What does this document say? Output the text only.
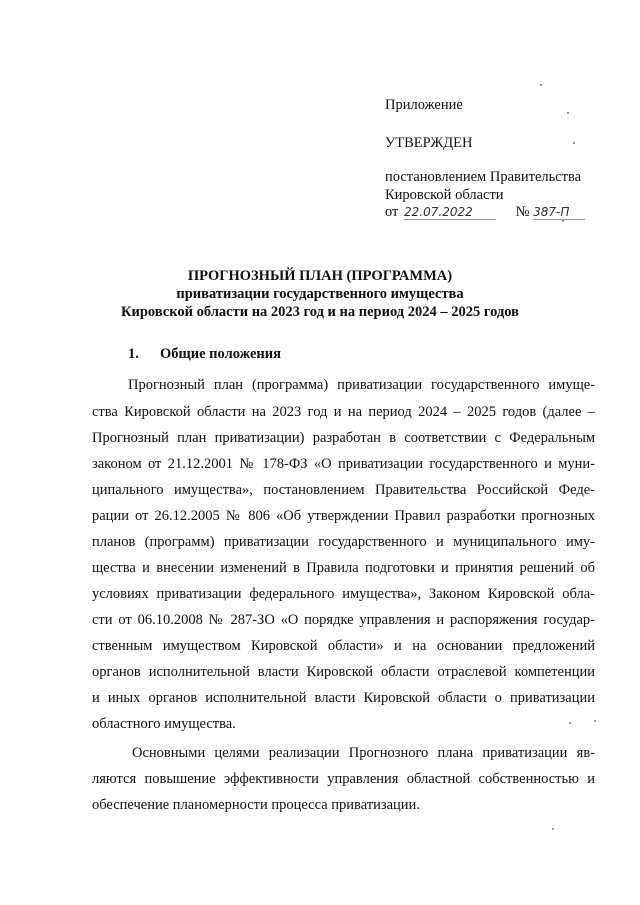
Приложение
УТВЕРЖДЕН
постановлением Правительства
Кировской области
от 22.07.2022	№ 387-П
ПРОГНОЗНЫЙ ПЛАН (ПРОГРАММА)
приватизации государственного имущества
Кировской области на 2023 год и на период 2024 – 2025 годов
1. Общие положения
Прогнозный план (программа) приватизации государственного имуще-
ства Кировской области на 2023 год и на период 2024 – 2025 годов (далее –
Прогнозный план приватизации) разработан в соответствии с Федеральным
законом от 21.12.2001 № 178-ФЗ «О приватизации государственного и муни-
ципального имущества», постановлением Правительства Российской Феде-
рации от 26.12.2005 № 806 «Об утверждении Правил разработки прогнозных
планов (программ) приватизации государственного и муниципального иму-
щества и внесении изменений в Правила подготовки и принятия решений об
условиях приватизации федерального имущества», Законом Кировской обла-
сти от 06.10.2008 № 287-ЗО «О порядке управления и распоряжения государ-
ственным имуществом Кировской области» и на основании предложений
органов исполнительной власти Кировской области отраслевой компетенции
и иных органов исполнительной власти Кировской области о приватизации
областного имущества.
Основными целями реализации Прогнозного плана приватизации яв-
ляются повышение эффективности управления областной собственностью и
обеспечение планомерности процесса приватизации.
